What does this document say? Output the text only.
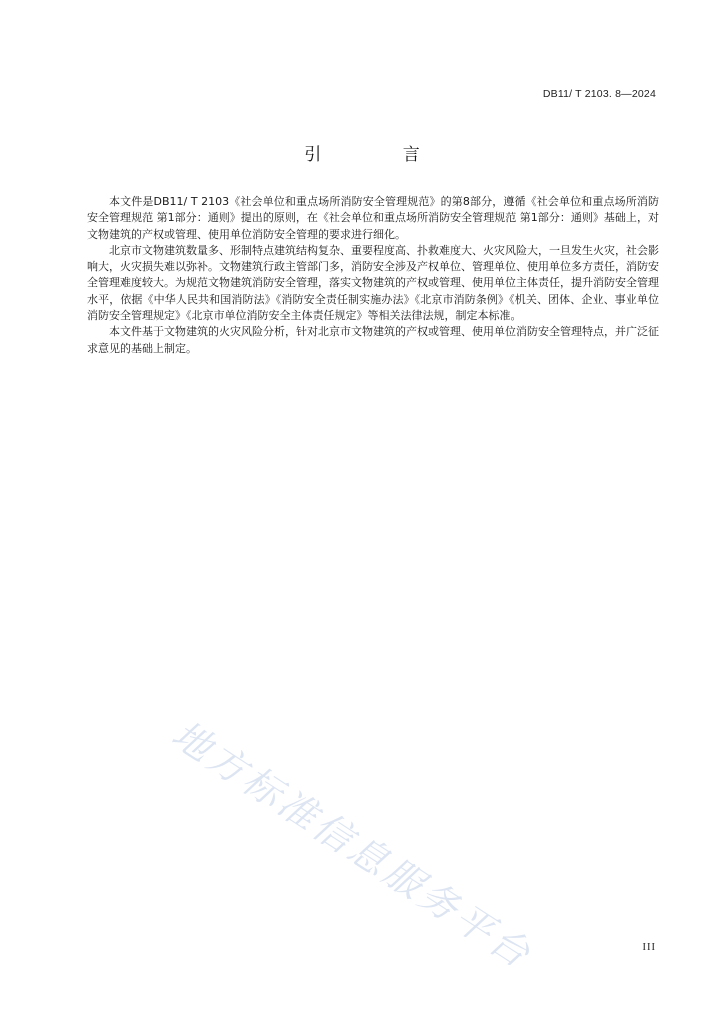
DB11/ T 2103. 8—2024
引 言

本文件是DB11/ T 2103《社会单位和重点场所消防安全管理规范》的第8部分，遵循《社会单位和重点场所消防安全管理规范 第1部分：通则》提出的原则，在《社会单位和重点场所消防安全管理规范 第1部分：通则》基础上，对文物建筑的产权或管理、使用单位消防安全管理的要求进行细化。

北京市文物建筑数量多、形制特点建筑结构复杂、重要程度高、扑救难度大、火灾风险大，一旦发生火灾，社会影响大，火灾损失难以弥补。文物建筑行政主管部门多，消防安全涉及产权单位、管理单位、使用单位多方责任，消防安全管理难度较大。为规范文物建筑消防安全管理，落实文物建筑的产权或管理、使用单位主体责任，提升消防安全管理水平，依据《中华人民共和国消防法》《消防安全责任制实施办法》《北京市消防条例》《机关、团体、企业、事业单位消防安全管理规定》《北京市单位消防安全主体责任规定》等相关法律法规，制定本标准。

本文件基于文物建筑的火灾风险分析，针对北京市文物建筑的产权或管理、使用单位消防安全管理特点，并广泛征求意见的基础上制定。

地方标准信息服务平台	III
